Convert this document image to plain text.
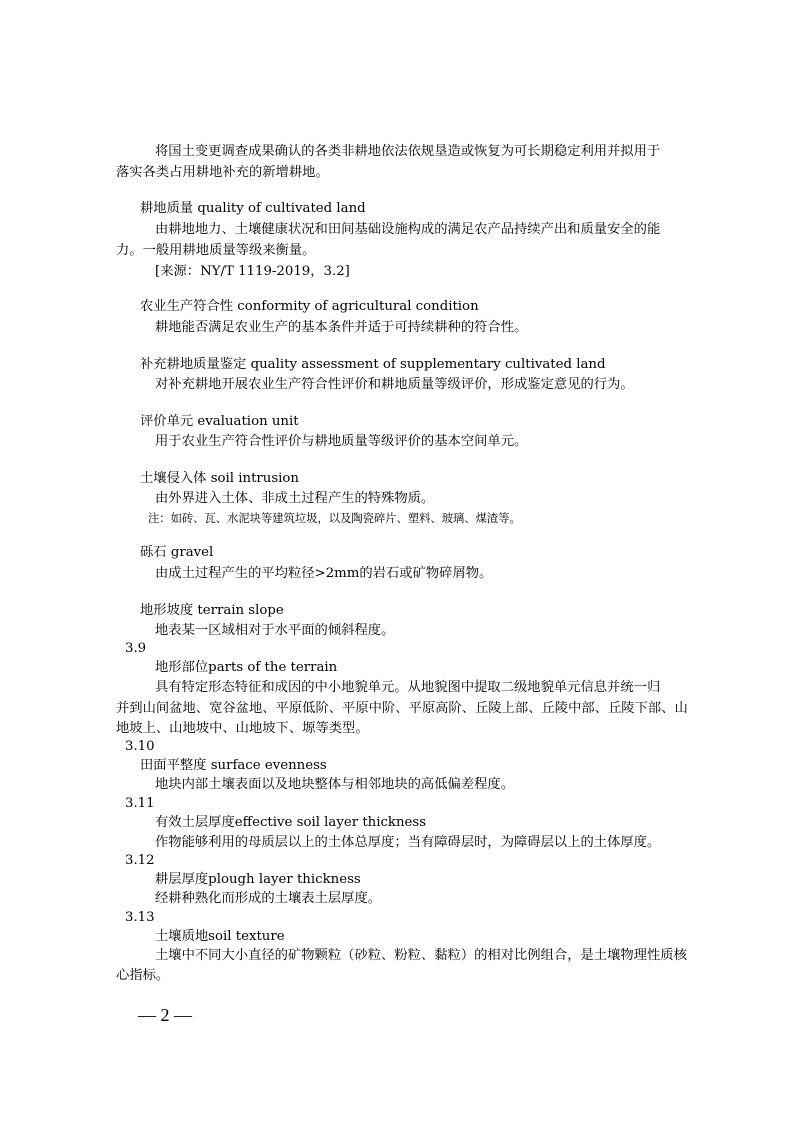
将国土变更调查成果确认的各类非耕地依法依规垦造或恢复为可长期稳定利用并拟用于
落实各类占用耕地补充的新增耕地。
耕地质量 quality of cultivated land
由耕地地力、土壤健康状况和田间基础设施构成的满足农产品持续产出和质量安全的能
力。一般用耕地质量等级来衡量。
[来源：NY/T 1119-2019，3.2]
农业生产符合性 conformity of agricultural condition
耕地能否满足农业生产的基本条件并适于可持续耕种的符合性。
补充耕地质量鉴定 quality assessment of supplementary cultivated land
对补充耕地开展农业生产符合性评价和耕地质量等级评价，形成鉴定意见的行为。
评价单元 evaluation unit
用于农业生产符合性评价与耕地质量等级评价的基本空间单元。
土壤侵入体 soil intrusion
由外界进入土体、非成土过程产生的特殊物质。
注：如砖、瓦、水泥块等建筑垃圾，以及陶瓷碎片、塑料、玻璃、煤渣等。
砾石 gravel
由成土过程产生的平均粒径>2mm的岩石或矿物碎屑物。
地形坡度 terrain slope
地表某一区域相对于水平面的倾斜程度。
3.9
地形部位parts of the terrain
具有特定形态特征和成因的中小地貌单元。从地貌图中提取二级地貌单元信息并统一归
并到山间盆地、宽谷盆地、平原低阶、平原中阶、平原高阶、丘陵上部、丘陵中部、丘陵下部、山
地坡上、山地坡中、山地坡下、塬等类型。
3.10
田面平整度 surface evenness
地块内部土壤表面以及地块整体与相邻地块的高低偏差程度。
3.11
有效土层厚度effective soil layer thickness
作物能够利用的母质层以上的土体总厚度；当有障碍层时，为障碍层以上的土体厚度。
3.12
耕层厚度plough layer thickness
经耕种熟化而形成的土壤表土层厚度。
3.13
土壤质地soil texture
土壤中不同大小直径的矿物颗粒（砂粒、粉粒、黏粒）的相对比例组合，是土壤物理性质核
心指标。
— 2 —
